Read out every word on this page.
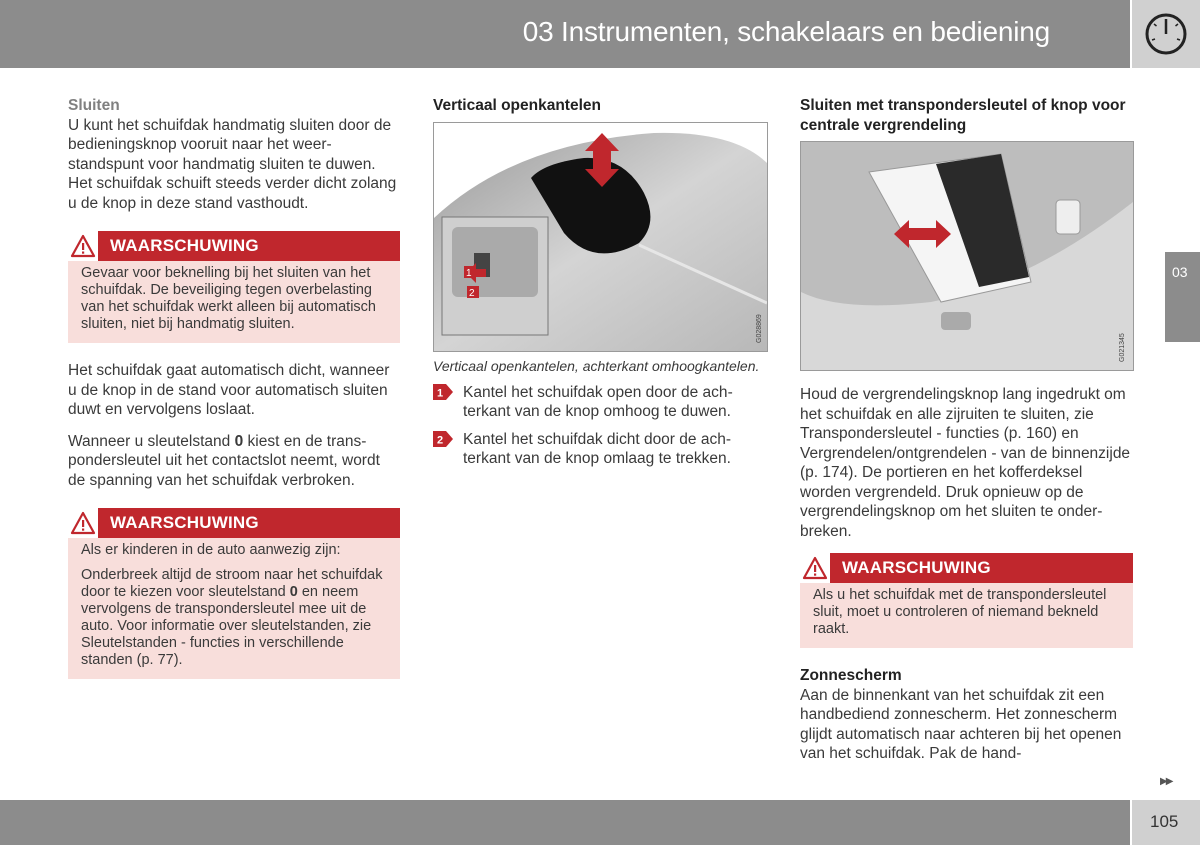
03 Instrumenten, schakelaars en bediening
03
Sluiten

U kunt het schuifdak handmatig sluiten door de bedieningsknop vooruit naar het weerstandspunt voor handmatig sluiten te duwen. Het schuifdak schuift steeds verder dicht zolang u de knop in deze stand vasthoudt.

WAARSCHUWING

Gevaar voor beknelling bij het sluiten van het schuifdak. De beveiliging tegen overbelasting van het schuifdak werkt alleen bij automatisch sluiten, niet bij handmatig sluiten.

Het schuifdak gaat automatisch dicht, wanneer u de knop in de stand voor automatisch sluiten duwt en vervolgens loslaat.

Wanneer u sleutelstand 0 kiest en de transpondersleutel uit het contactslot neemt, wordt de spanning van het schuifdak verbroken.

WAARSCHUWING

Als er kinderen in de auto aanwezig zijn:

Onderbreek altijd de stroom naar het schuifdak door te kiezen voor sleutelstand 0 en neem vervolgens de transpondersleutel mee uit de auto. Voor informatie over sleutelstanden, zie Sleutelstanden - functies in verschillende standen (p. 77).

Verticaal openkantelen
1
2
G028869
Verticaal openkantelen, achterkant omhoogkantelen.
1 Kantel het schuifdak open door de achterkant van de knop omhoog te duwen.
2 Kantel het schuifdak dicht door de achterkant van de knop omlaag te trekken.
Sluiten met transpondersleutel of knop voor centrale vergrendeling
G021345

Houd de vergrendelingsknop lang ingedrukt om het schuifdak en alle zijruiten te sluiten, zie Transpondersleutel - functies (p. 160) en Vergrendelen/ontgrendelen - van de binnenzijde (p. 174). De portieren en het kofferdeksel worden vergrendeld. Druk opnieuw op de vergrendelingsknop om het sluiten te onderbreken.

WAARSCHUWING

Als u het schuifdak met de transpondersleutel sluit, moet u controleren of niemand bekneld raakt.

Zonnescherm

Aan de binnenkant van het schuifdak zit een handbediend zonnescherm. Het zonnescherm glijdt automatisch naar achteren bij het openen van het schuifdak. Pak de hand-

▶▶
105
